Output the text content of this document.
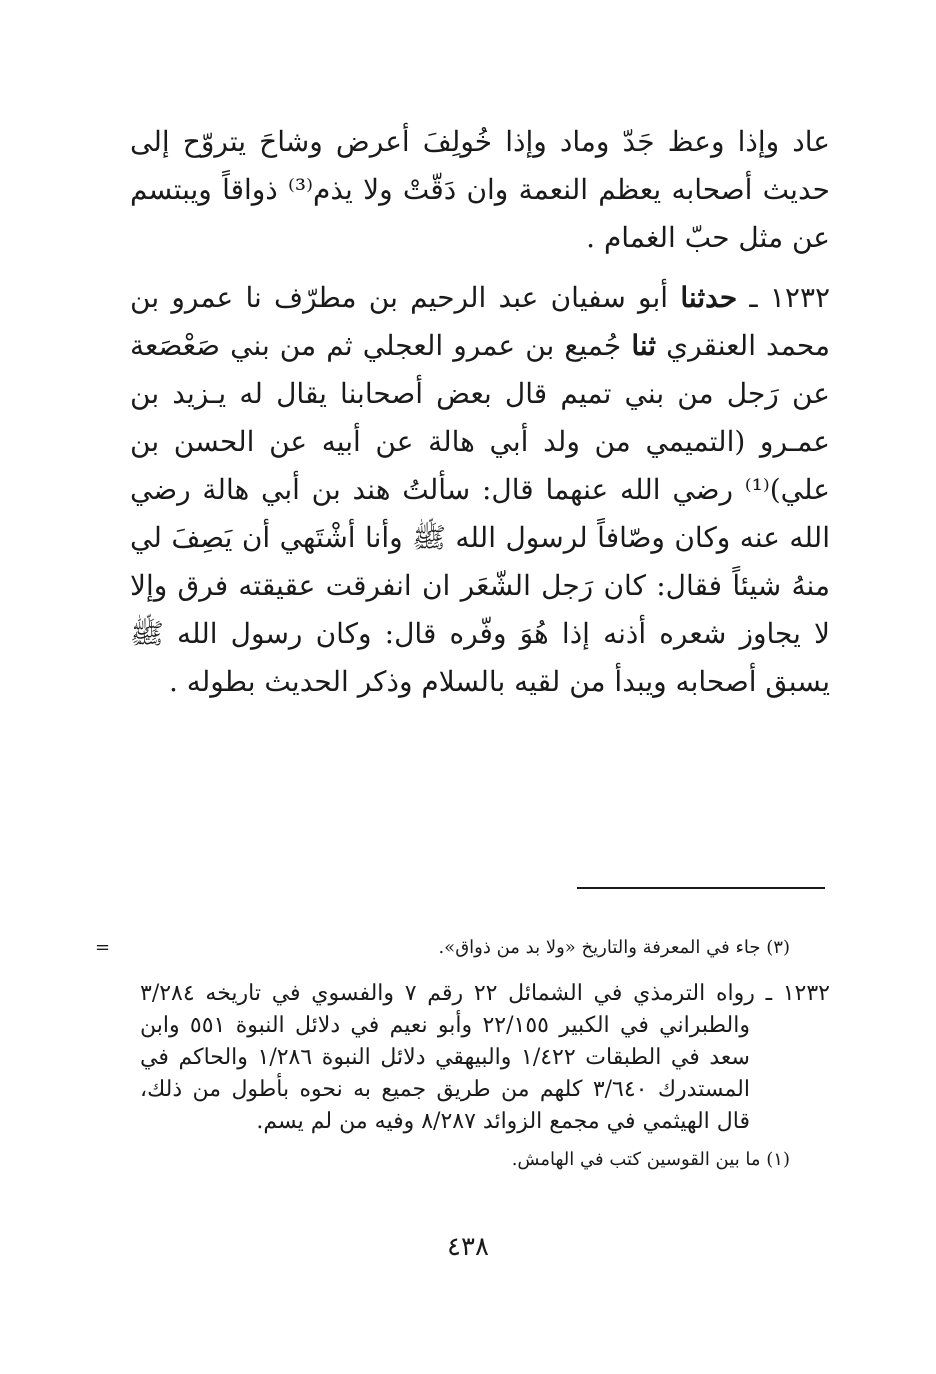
عاد وإذا وعظ جَدّ وماد وإذا خُولِفَ أعرض وشاحَ يتروّح إلى حديث أصحابه يعظم النعمة وان دَقّتْ ولا يذم⁽³⁾ ذواقاً ويبتسم عن مثل حبّ الغمام .

١٢٣٢ ـ حدثنا أبو سفيان عبد الرحيم بن مطرّف نا عمرو بن محمد العنقري ثنا جُميع بن عمرو العجلي ثم من بني صَعْصَعة عن رَجل من بني تميم قال بعض أصحابنا يقال له يـزيد بن عمـرو (التميمي من ولد أبي هالة عن أبيه عن الحسن بن علي)⁽¹⁾ رضي الله عنهما قال: سألتُ هند بن أبي هالة رضي الله عنه وكان وصّافاً لرسول الله ﷺ وأنا أشْتَهي أن يَصِفَ لي منهُ شيئاً فقال: كان رَجل الشّعَر ان انفرقت عقيقته فرق وإلا لا يجاوز شعره أذنه إذا هُوَ وفّره قال: وكان رسول الله ﷺ يسبق أصحابه ويبدأ من لقيه بالسلام وذكر الحديث بطوله .

=	(٣) جاء في المعرفة والتاريخ «ولا بد من ذواق».

١٢٣٢ ـ رواه الترمذي في الشمائل ٢٢ رقم ٧ والفسوي في تاريخه ٣/٢٨٤ والطبراني في الكبير ٢٢/١٥٥ وأبو نعيم في دلائل النبوة ٥٥١ وابن سعد في الطبقات ١/٤٢٢ والبيهقي دلائل النبوة ١/٢٨٦ والحاكم في المستدرك ٣/٦٤٠ كلهم من طريق جميع به نحوه بأطول من ذلك، قال الهيثمي في مجمع الزوائد ٨/٢٨٧ وفيه من لم يسم.

(١) ما بين القوسين كتب في الهامش.

٤٣٨
